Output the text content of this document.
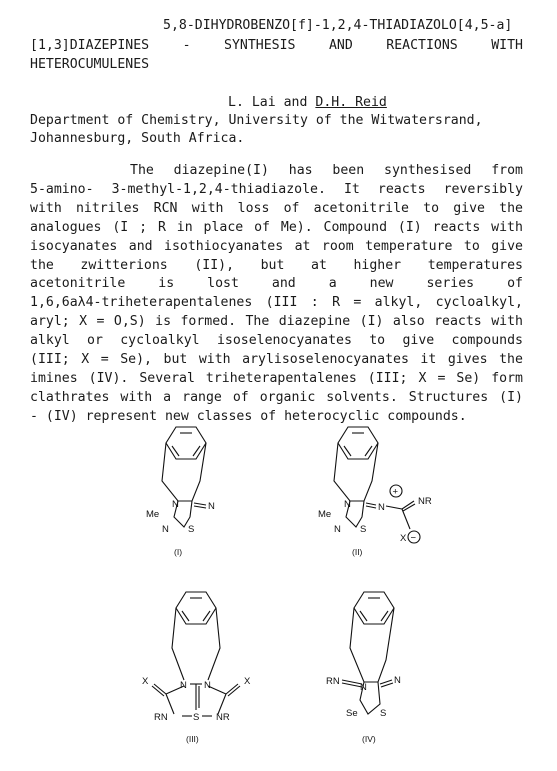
5,8-DIHYDROBENZO[f]-1,2,4-THIADIAZOLO[4,5-a]
[1,3]DIAZEPINES	-	SYNTHESIS	AND	REACTIONS	WITH
HETEROCUMULENES
L. Lai and D.H. Reid
Department of Chemistry, University of the Witwatersrand,
Johannesburg, South Africa.
The diazepine(I) has been synthesised from
5-amino- 3-methyl-1,2,4-thiadiazole. It reacts reversibly
with nitriles RCN with loss of acetonitrile to give the
analogues (I ; R in place of Me). Compound (I) reacts with
isocyanates and isothiocyanates at room temperature to give
the zwitterions (II), but at higher temperatures
acetonitrile is lost and a new series of
1,6,6aλ4-triheterapentalenes (III : R = alkyl, cycloalkyl,
aryl; X = O,S) is formed. The diazepine (I) also reacts with
alkyl or cycloalkyl isoselenocyanates to give compounds
(III; X = Se), but with arylisoselenocyanates it gives the
imines (IV). Several triheterapentalenes (III; X = Se) form
clathrates with a range of organic solvents. Structures (I)
- (IV) represent new classes of heterocyclic compounds.
Me
N
N S
N
(I)
+
−
Me
N
N S
N
NR
X
(II)
X	X
N N
RN	NR
S
(III)
RN
N
N
Se S
(IV)
